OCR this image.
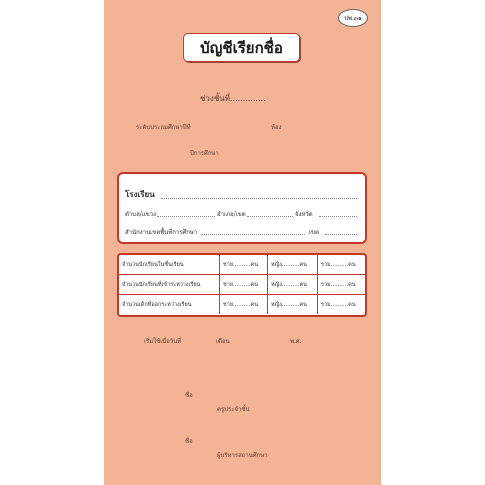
ปพ.๓๑
บัญชีเรียกชื่อ
ช่วงชั้นที่..............
ระดับประถมศึกษาปีที่	ห้อง
ปีการศึกษา
โรงเรียน
ตำบล/แขวง	อำเภอ/เขต	จังหวัด
สำนักงานเขตพื้นที่การศึกษา	เขต
จำนวนนักเรียนในชั้นเรียน	ชาย..........คน	หญิง..........คน	รวม..........คน
จำนวนนักเรียนที่เข้าระหว่างเรียน	ชาย..........คน	หญิง..........คน	รวม..........คน
จำนวนเด็กที่ออกระหว่างเรียน	ชาย..........คน	หญิง..........คน	รวม..........คน
เริ่มใช้เมื่อวันที่	เดือน	พ.ศ.
ชื่อ
ครูประจำชั้น
ชื่อ
ผู้บริหารสถานศึกษา
